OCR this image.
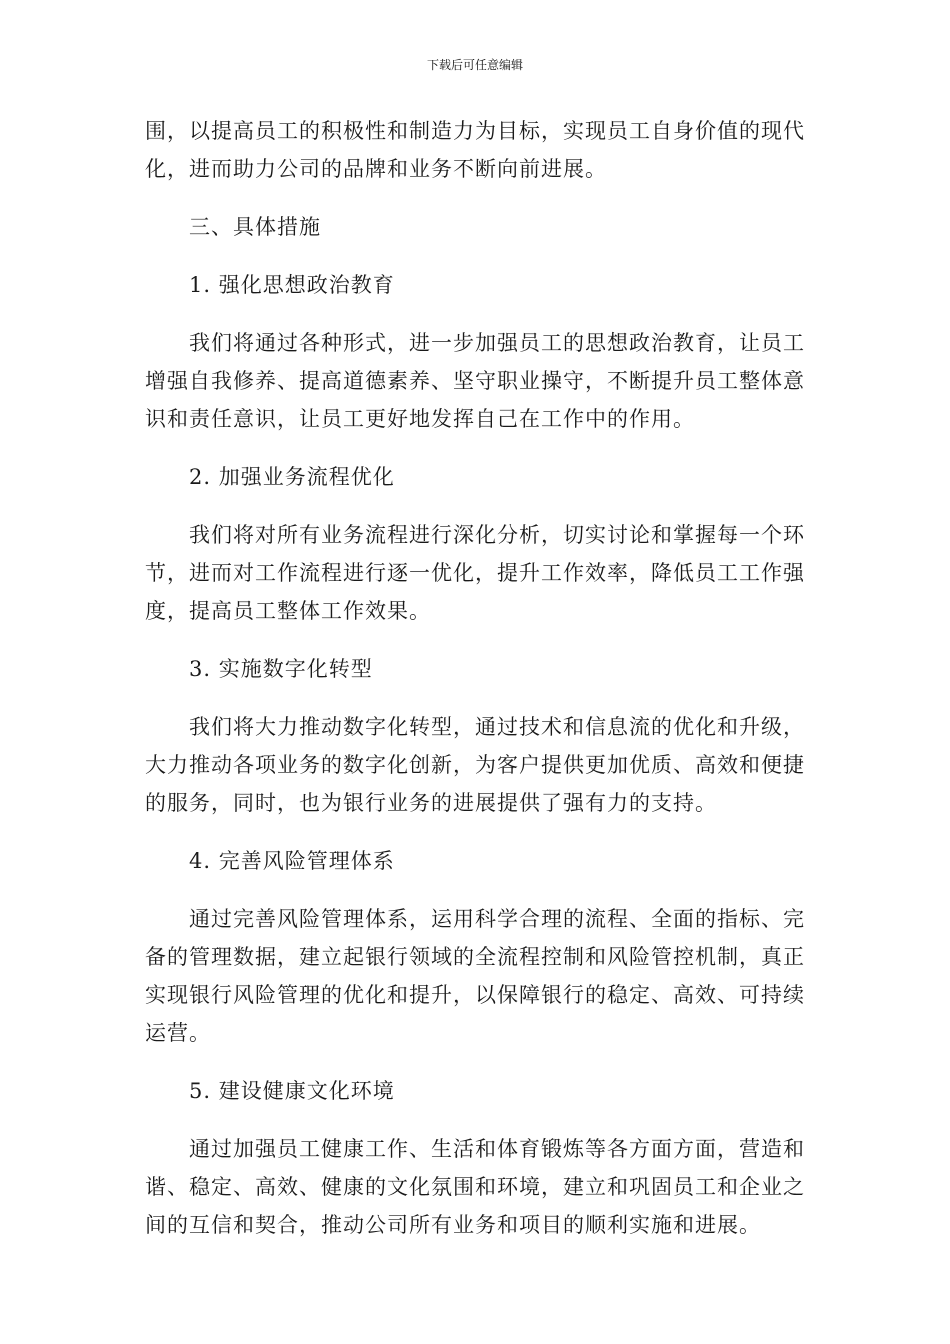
下载后可任意编辑

围，以提高员工的积极性和制造力为目标，实现员工自身价值的现代化，进而助力公司的品牌和业务不断向前进展。

三、具体措施

1. 强化思想政治教育

我们将通过各种形式，进一步加强员工的思想政治教育，让员工增强自我修养、提高道德素养、坚守职业操守，不断提升员工整体意识和责任意识，让员工更好地发挥自己在工作中的作用。

2. 加强业务流程优化

我们将对所有业务流程进行深化分析，切实讨论和掌握每一个环节，进而对工作流程进行逐一优化，提升工作效率，降低员工工作强度，提高员工整体工作效果。

3. 实施数字化转型

我们将大力推动数字化转型，通过技术和信息流的优化和升级，大力推动各项业务的数字化创新，为客户提供更加优质、高效和便捷的服务，同时，也为银行业务的进展提供了强有力的支持。

4. 完善风险管理体系

通过完善风险管理体系，运用科学合理的流程、全面的指标、完备的管理数据，建立起银行领域的全流程控制和风险管控机制，真正实现银行风险管理的优化和提升，以保障银行的稳定、高效、可持续运营。

5. 建设健康文化环境

通过加强员工健康工作、生活和体育锻炼等各方面方面，营造和谐、稳定、高效、健康的文化氛围和环境，建立和巩固员工和企业之间的互信和契合，推动公司所有业务和项目的顺利实施和进展。
